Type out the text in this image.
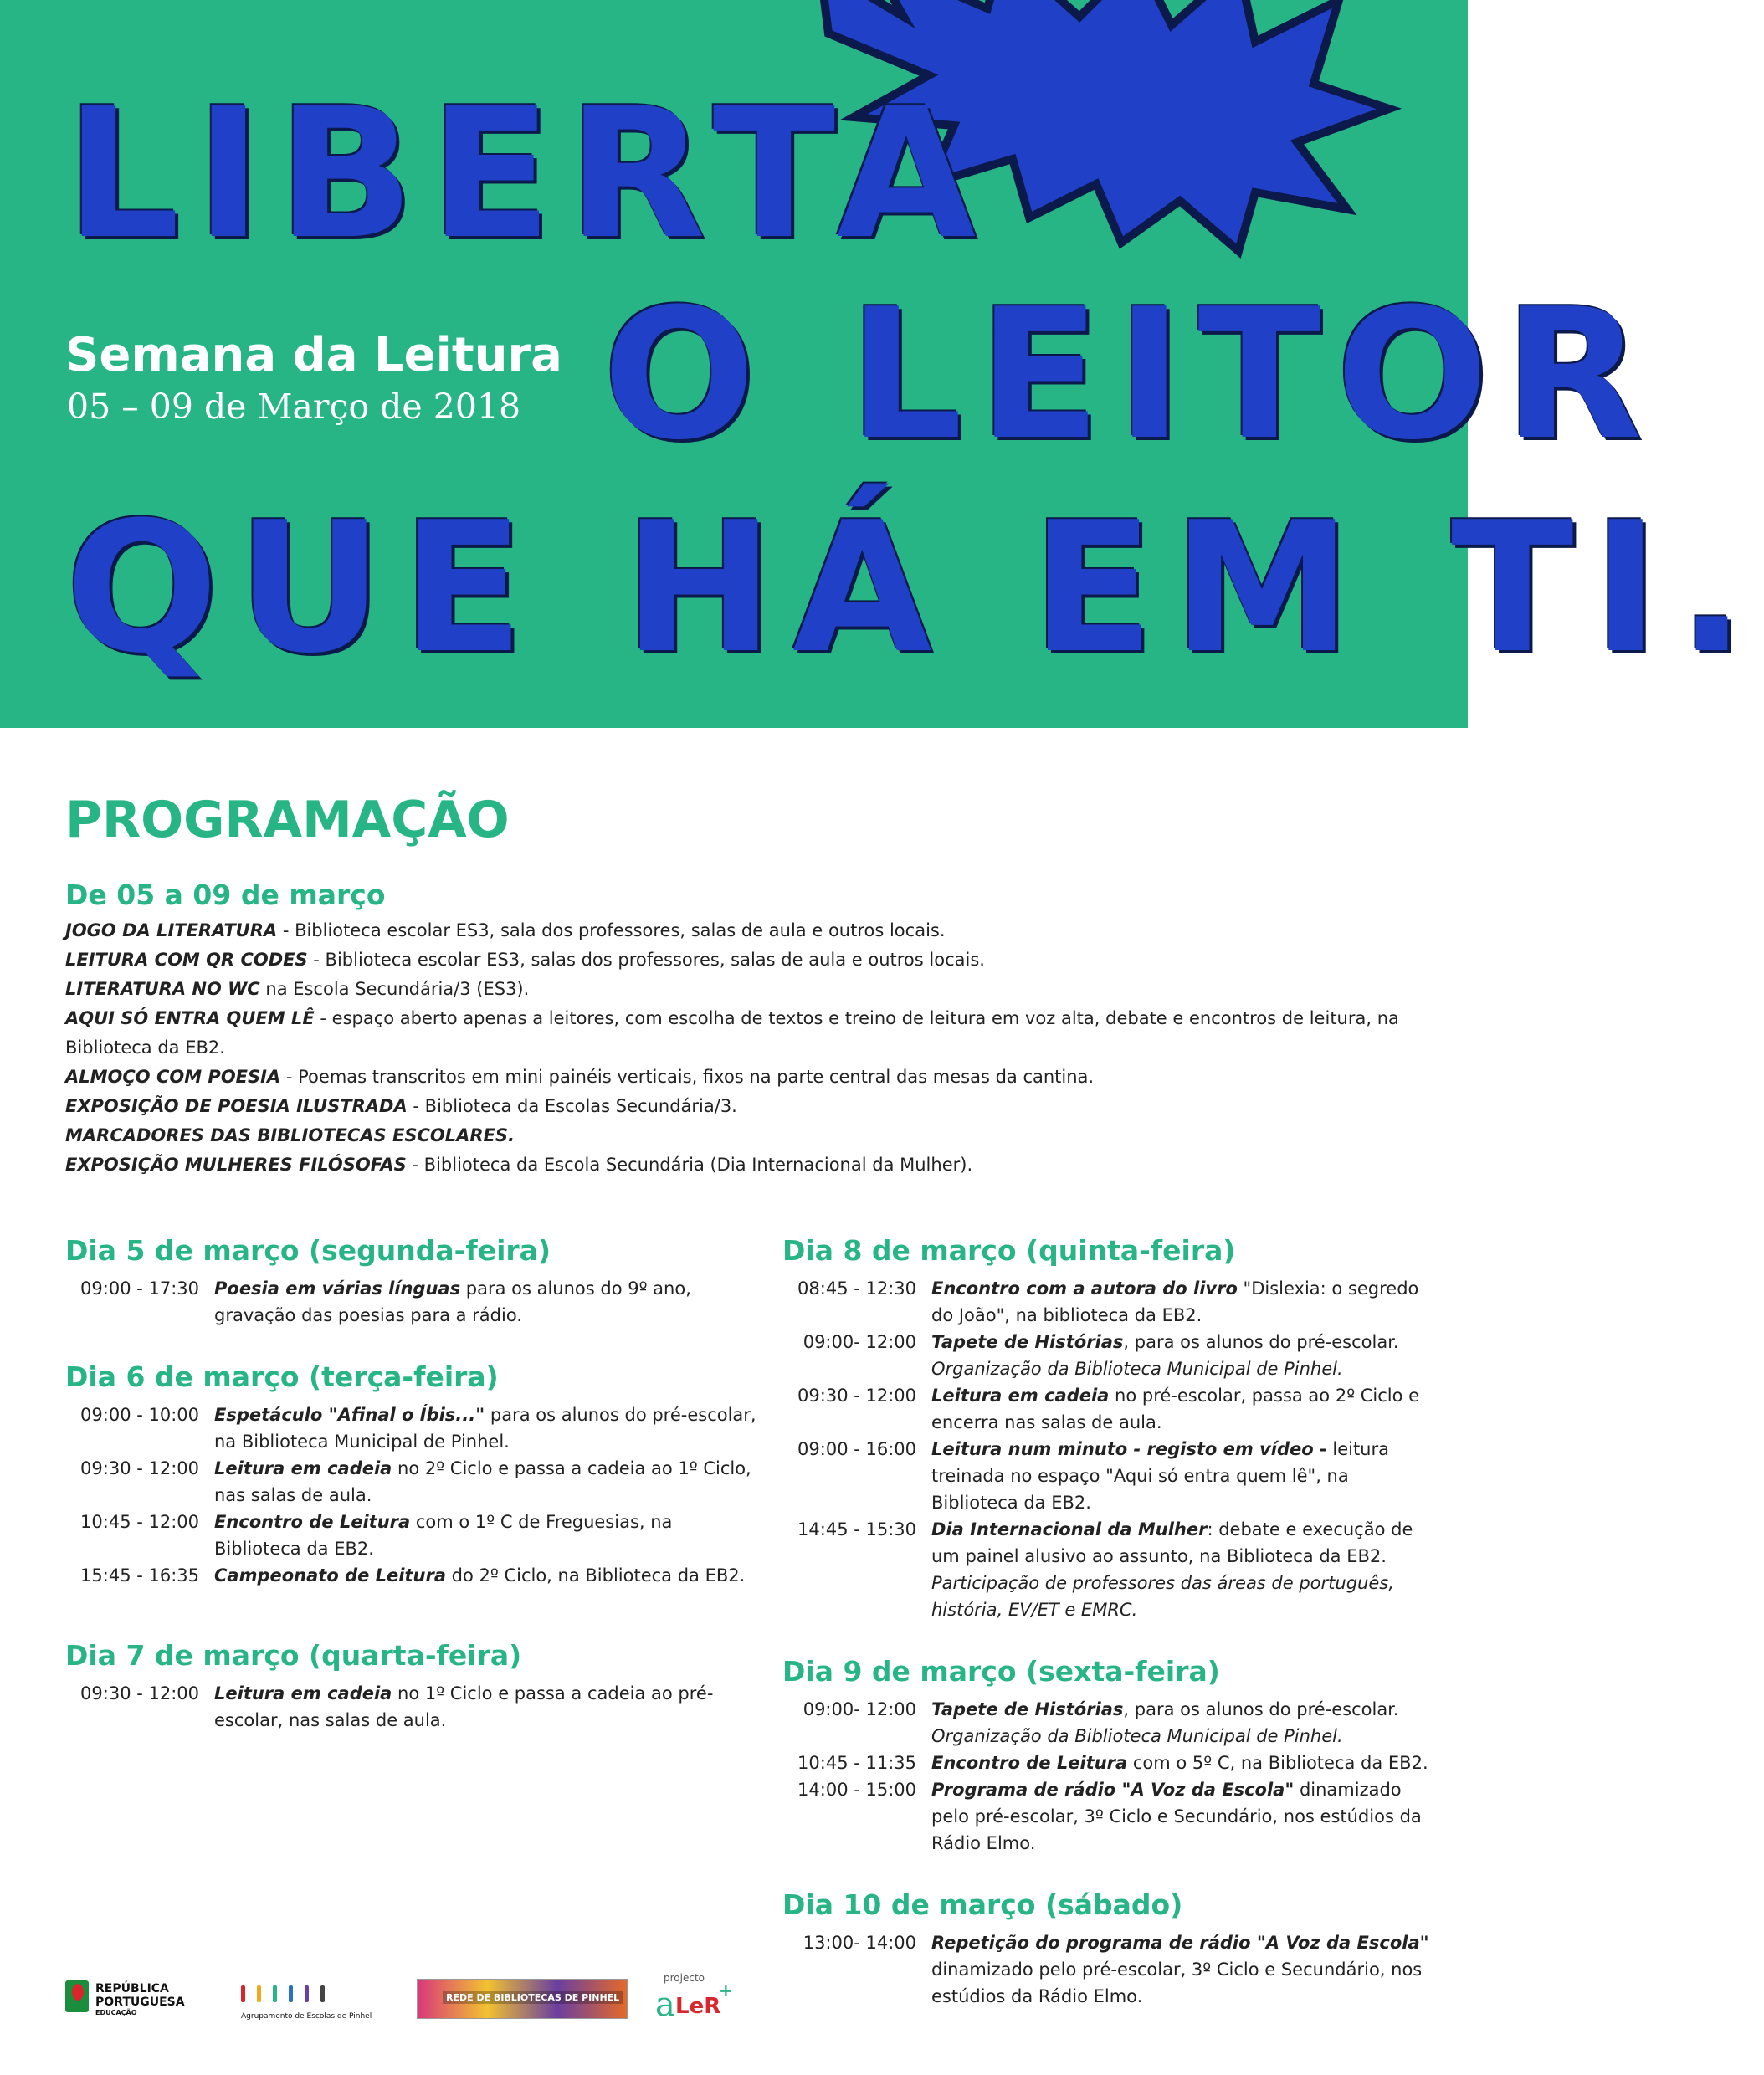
LIBERTA
O LEITOR
QUE HÁ EM TI.
Semana da Leitura
05 – 09 de Março de 2018
PROGRAMAÇÃO
De 05 a 09 de março
JOGO DA LITERATURA - Biblioteca escolar ES3, sala dos professores, salas de aula e outros locais.
LEITURA COM QR CODES - Biblioteca escolar ES3, salas dos professores, salas de aula e outros locais.
LITERATURA NO WC na Escola Secundária/3 (ES3).
AQUI SÓ ENTRA QUEM LÊ - espaço aberto apenas a leitores, com escolha de textos e treino de leitura em voz alta, debate e encontros de leitura, na Biblioteca da EB2.
ALMOÇO COM POESIA - Poemas transcritos em mini painéis verticais, fixos na parte central das mesas da cantina.
EXPOSIÇÃO DE POESIA ILUSTRADA - Biblioteca da Escolas Secundária/3.
MARCADORES DAS BIBLIOTECAS ESCOLARES.
EXPOSIÇÃO MULHERES FILÓSOFAS - Biblioteca da Escola Secundária (Dia Internacional da Mulher).
Dia 5 de março (segunda-feira)
09:00 - 17:30 Poesia em várias línguas para os alunos do 9º ano, gravação das poesias para a rádio.
Dia 6 de março (terça-feira)
09:00 - 10:00 Espetáculo "Afinal o Íbis..." para os alunos do pré-escolar, na Biblioteca Municipal de Pinhel.
09:30 - 12:00 Leitura em cadeia no 2º Ciclo e passa a cadeia ao 1º Ciclo, nas salas de aula.
10:45 - 12:00 Encontro de Leitura com o 1º C de Freguesias, na Biblioteca da EB2.
15:45 - 16:35 Campeonato de Leitura do 2º Ciclo, na Biblioteca da EB2.
Dia 7 de março (quarta-feira)
09:30 - 12:00 Leitura em cadeia no 1º Ciclo e passa a cadeia ao pré-escolar, nas salas de aula.
Dia 8 de março (quinta-feira)
08:45 - 12:30 Encontro com a autora do livro "Dislexia: o segredo do João", na biblioteca da EB2.
09:00- 12:00 Tapete de Histórias, para os alunos do pré-escolar.
Organização da Biblioteca Municipal de Pinhel.
09:30 - 12:00 Leitura em cadeia no pré-escolar, passa ao 2º Ciclo e encerra nas salas de aula.
09:00 - 16:00 Leitura num minuto - registo em vídeo - leitura treinada no espaço "Aqui só entra quem lê", na Biblioteca da EB2.
14:45 - 15:30 Dia Internacional da Mulher: debate e execução de um painel alusivo ao assunto, na Biblioteca da EB2.
Participação de professores das áreas de português, história, EV/ET e EMRC.
Dia 9 de março (sexta-feira)
09:00- 12:00 Tapete de Histórias, para os alunos do pré-escolar.
Organização da Biblioteca Municipal de Pinhel.
10:45 - 11:35 Encontro de Leitura com o 5º C, na Biblioteca da EB2.
14:00 - 15:00 Programa de rádio "A Voz da Escola" dinamizado pelo pré-escolar, 3º Ciclo e Secundário, nos estúdios da Rádio Elmo.
Dia 10 de março (sábado)
13:00- 14:00 Repetição do programa de rádio "A Voz da Escola" dinamizado pelo pré-escolar, 3º Ciclo e Secundário, nos estúdios da Rádio Elmo.
REPÚBLICA
PORTUGUESA
EDUCAÇÃO	Agrupamento de Escolas de Pinhel
REDE DE BIBLIOTECAS DE PINHEL
projecto
a LeR
+
